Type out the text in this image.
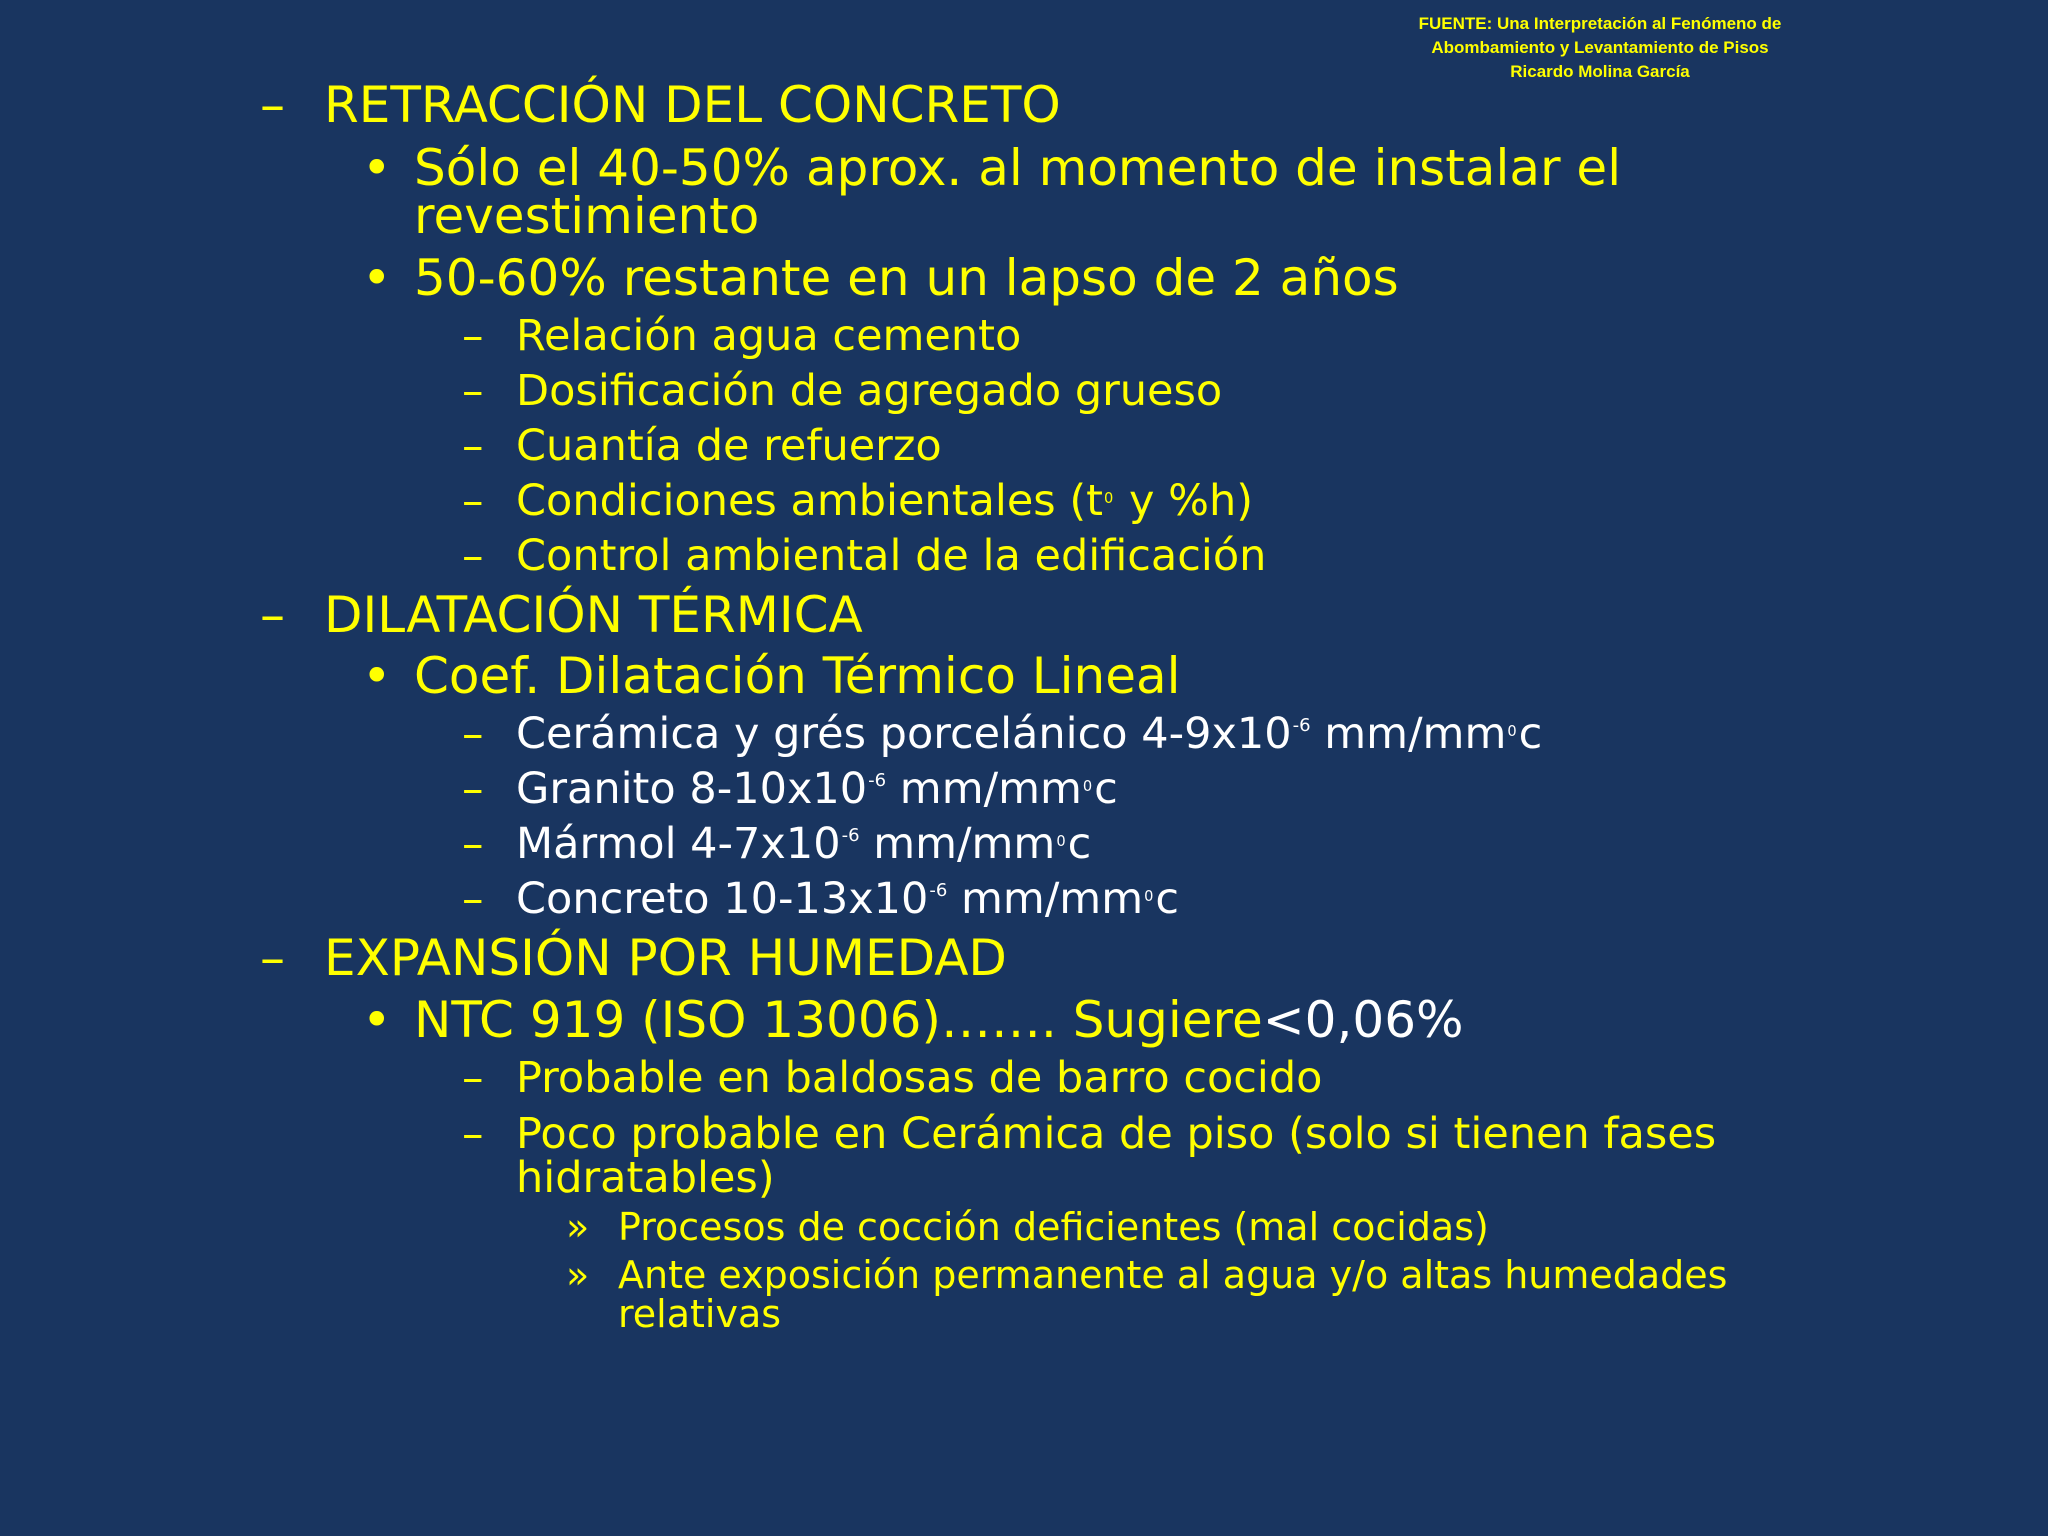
FUENTE: Una Interpretación al Fenómeno de
Abombamiento y Levantamiento de Pisos
Ricardo Molina García
– RETRACCIÓN DEL CONCRETO
• Sólo el 40-50% aprox. al momento de instalar el
revestimiento
• 50-60% restante en un lapso de 2 años
– Relación agua cemento
– Dosificación de agregado grueso
– Cuantía de refuerzo
– Condiciones ambientales ($t_0$ y %h)
– Control ambiental de la edificación
– DILATACIÓN TÉRMICA
• Coef. Dilatación Térmico Lineal
– Cerámica y grés porcelánico $4-9x10^{-6}$ $mm/mm_0c$
– Granito $8-10x10^{-6}$ $mm/mm_0c$
– Mármol $4-7x10^{-6}$ $mm/mm_0c$
– Concreto $10-13x10^{-6}$ $mm/mm_0c$
– EXPANSIÓN POR HUMEDAD
• NTC 919 (ISO 13006)……. Sugiere<0,06%
– Probable en baldosas de barro cocido
– Poco probable en Cerámica de piso (solo si tienen fases
hidratables)
» Procesos de cocción deficientes (mal cocidas)
» Ante exposición permanente al agua y/o altas humedades
relativas
